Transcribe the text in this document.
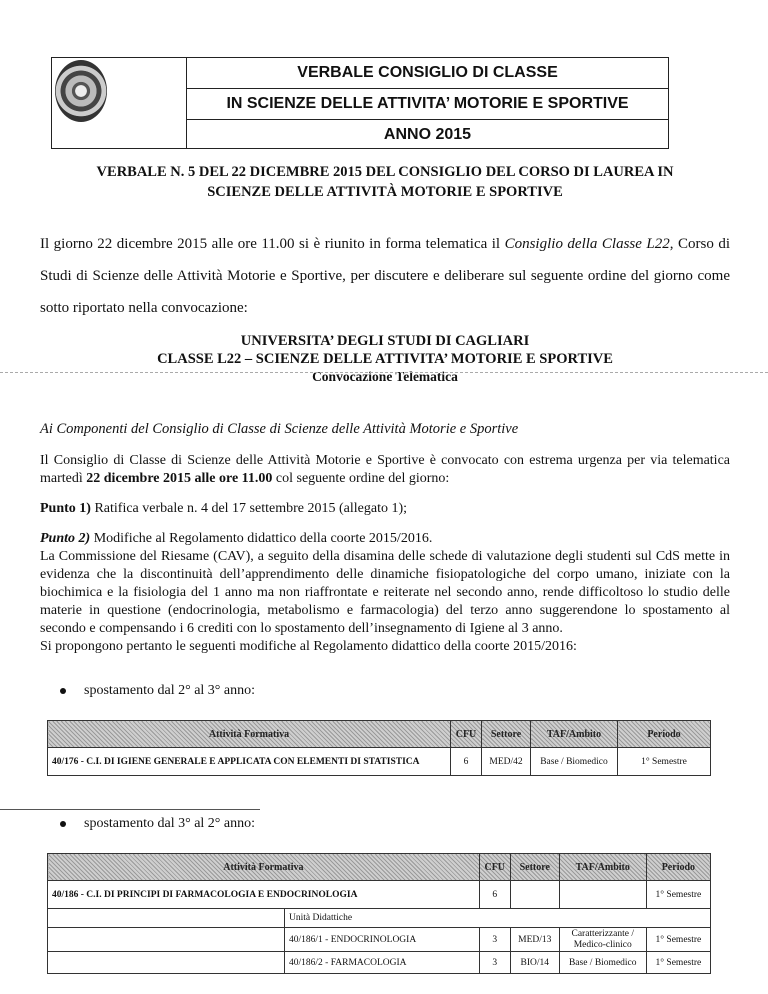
VERBALE CONSIGLIO DI CLASSE
IN SCIENZE DELLE ATTIVITA’ MOTORIE E SPORTIVE
ANNO 2015
VERBALE N. 5 DEL 22 DICEMBRE 2015 DEL CONSIGLIO DEL CORSO DI LAUREA IN
SCIENZE DELLE ATTIVITÀ MOTORIE E SPORTIVE
Il giorno 22 dicembre 2015 alle ore 11.00 si è riunito in forma telematica il Consiglio della Classe L22, Corso di Studi di Scienze delle Attività Motorie e Sportive, per discutere e deliberare sul seguente ordine del giorno come sotto riportato nella convocazione:
UNIVERSITA’ DEGLI STUDI DI CAGLIARI
CLASSE L22 – SCIENZE DELLE ATTIVITA’ MOTORIE E SPORTIVE
Convocazione Telematica
Ai Componenti del Consiglio di Classe di Scienze delle Attività Motorie e Sportive
Il Consiglio di Classe di Scienze delle Attività Motorie e Sportive è convocato con estrema urgenza per via telematica martedì 22 dicembre 2015 alle ore 11.00 col seguente ordine del giorno:
Punto 1) Ratifica verbale n. 4 del 17 settembre 2015 (allegato 1);
Punto 2) Modifiche al Regolamento didattico della coorte 2015/2016.
La Commissione del Riesame (CAV), a seguito della disamina delle schede di valutazione degli studenti sul CdS mette in evidenza che la discontinuità dell’apprendimento delle dinamiche fisiopatologiche del corpo umano, iniziate con la biochimica e la fisiologia del 1 anno ma non riaffrontate e reiterate nel secondo anno, rende difficoltoso lo studio delle materie in questione (endocrinologia, metabolismo e farmacologia) del terzo anno suggerendone lo spostamento al secondo e compensando i 6 crediti con lo spostamento dell’insegnamento di Igiene al 3 anno.
Si propongono pertanto le seguenti modifiche al Regolamento didattico della coorte 2015/2016:
spostamento dal 2° al 3° anno:
Attività Formativa	CFU	Settore	TAF/Ambito	Periodo
40/176 - C.I. DI IGIENE GENERALE E APPLICATA CON ELEMENTI DI STATISTICA	6	MED/42	Base / Biomedico	1° Semestre
spostamento dal 3° al 2° anno:
Attività Formativa		CFU	Settore	TAF/Ambito	Periodo
40/186 - C.I. DI PRINCIPI DI FARMACOLOGIA E ENDOCRINOLOGIA		6			1° Semestre
	Unità Didattiche				
	40/186/1 - ENDOCRINOLOGIA	3	MED/13	Caratterizzante / Medico-clinico	1° Semestre
	40/186/2 - FARMACOLOGIA	3	BIO/14	Base / Biomedico	1° Semestre
